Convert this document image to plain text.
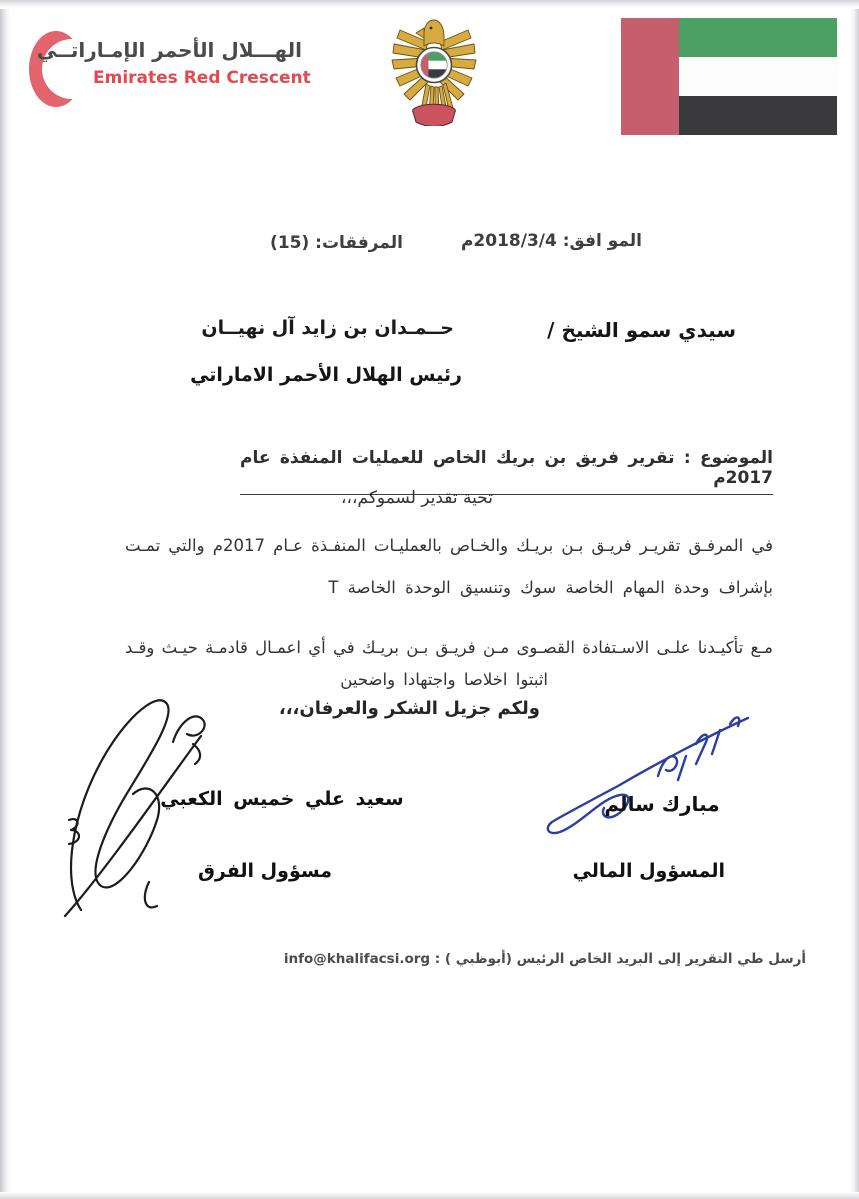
الهـــلال الأحمر الإمـاراتــي
Emirates Red Crescent
المو افق: 2018/3/4م
المرفقات: (15)
سيدي سمو الشيخ /
حــمـدان بن زايد آل نهيــان
رئيس الهلال الأحمر الاماراتي
الموضوع : تقرير فريق بن بريك الخاص للعمليات المنفذة عام 2017م
تحية تقدير لسموكم،،،
في المرفـق تقريـر فريـق بـن بريـك والخـاص بالعمليـات المنفـذة عـام 2017م والتي تمـت
بإشراف وحدة المهام الخاصة سوك وتنسيق الوحدة الخاصة T
مـع تأكيـدنا علـى الاسـتفادة القصـوى مـن فريـق بـن بريـك في أي اعمـال قادمـة حيـث وقـد
اثبتوا اخلاصا واجتهادا واضحين
ولكم جزيل الشكر والعرفان،،،
مبارك سالم
المسؤول المالي
سعيد علي خميس الكعبي
مسؤول الفرق
أرسل طي التقرير إلى البريد الخاص الرئيس (أبوظبي ) : info@khalifacsi.org
